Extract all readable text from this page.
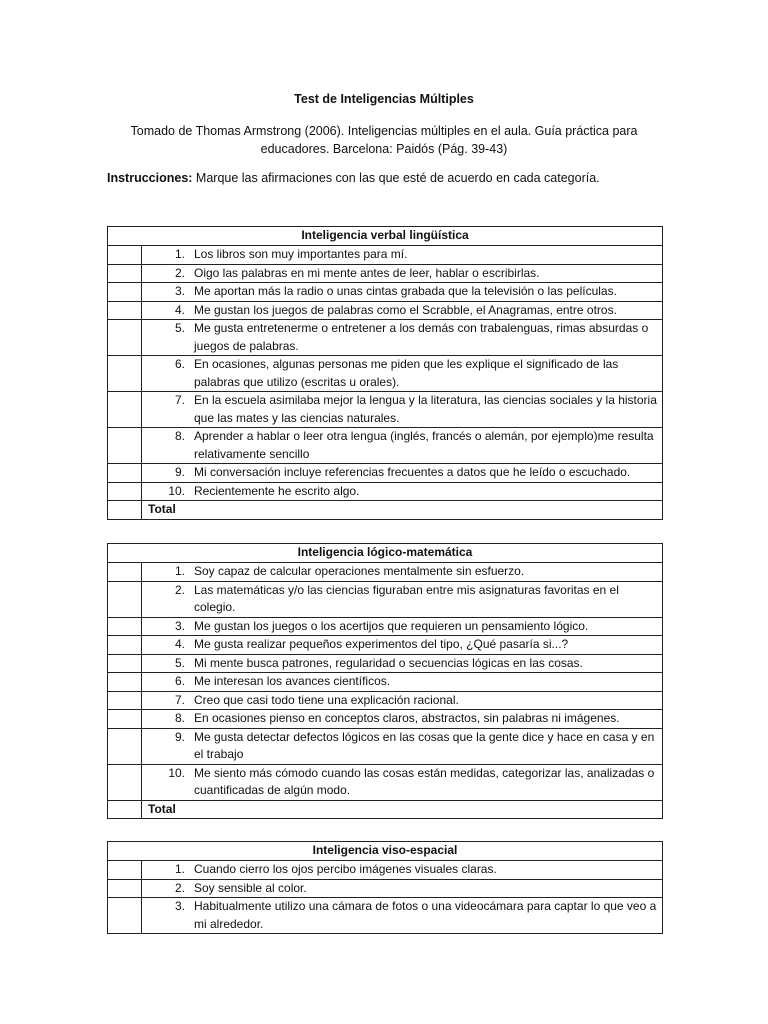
Test de Inteligencias Múltiples
Tomado de Thomas Armstrong (2006). Inteligencias múltiples en el aula. Guía práctica para educadores. Barcelona: Paidós (Pág. 39-43)
Instrucciones: Marque las afirmaciones con las que esté de acuerdo en cada categoría.
Inteligencia verbal lingüística	

	1. Los libros son muy importantes para mí.

	2. Oigo las palabras en mi mente antes de leer, hablar o escribirlas.

	3. Me aportan más la radio o unas cintas grabada que la televisión o las películas.

	4. Me gustan los juegos de palabras como el Scrabble, el Anagramas, entre otros.

	5. Me gusta entretenerme o entretener a los demás con trabalenguas, rimas absurdas o juegos de palabras.

	6. En ocasiones, algunas personas me piden que les explique el significado de las palabras que utilizo (escritas u orales).

	7. En la escuela asimilaba mejor la lengua y la literatura, las ciencias sociales y la historia que las mates y las ciencias naturales.

	8. Aprender a hablar o leer otra lengua (inglés, francés o alemán, por ejemplo)me resulta relativamente sencillo

	9. Mi conversación incluye referencias frecuentes a datos que he leído o escuchado.

	10. Recientemente he escrito algo.

	Total
Inteligencia lógico-matemática	

	1. Soy capaz de calcular operaciones mentalmente sin esfuerzo.

	2. Las matemáticas y/o las ciencias figuraban entre mis asignaturas favoritas en el colegio.

	3. Me gustan los juegos o los acertijos que requieren un pensamiento lógico.

	4. Me gusta realizar pequeños experimentos del tipo, ¿Qué pasaría si...?

	5. Mi mente busca patrones, regularidad o secuencias lógicas en las cosas.

	6. Me interesan los avances científicos.

	7. Creo que casi todo tiene una explicación racional.

	8. En ocasiones pienso en conceptos claros, abstractos, sin palabras ni imágenes.

	9. Me gusta detectar defectos lógicos en las cosas que la gente dice y hace en casa y en el trabajo

	10. Me siento más cómodo cuando las cosas están medidas, categorizar las, analizadas o cuantificadas de algún modo.

	Total
Inteligencia viso-espacial	

	1. Cuando cierro los ojos percibo imágenes visuales claras.

	2. Soy sensible al color.

	3. Habitualmente utilizo una cámara de fotos o una videocámara para captar lo que veo a mi alrededor.
